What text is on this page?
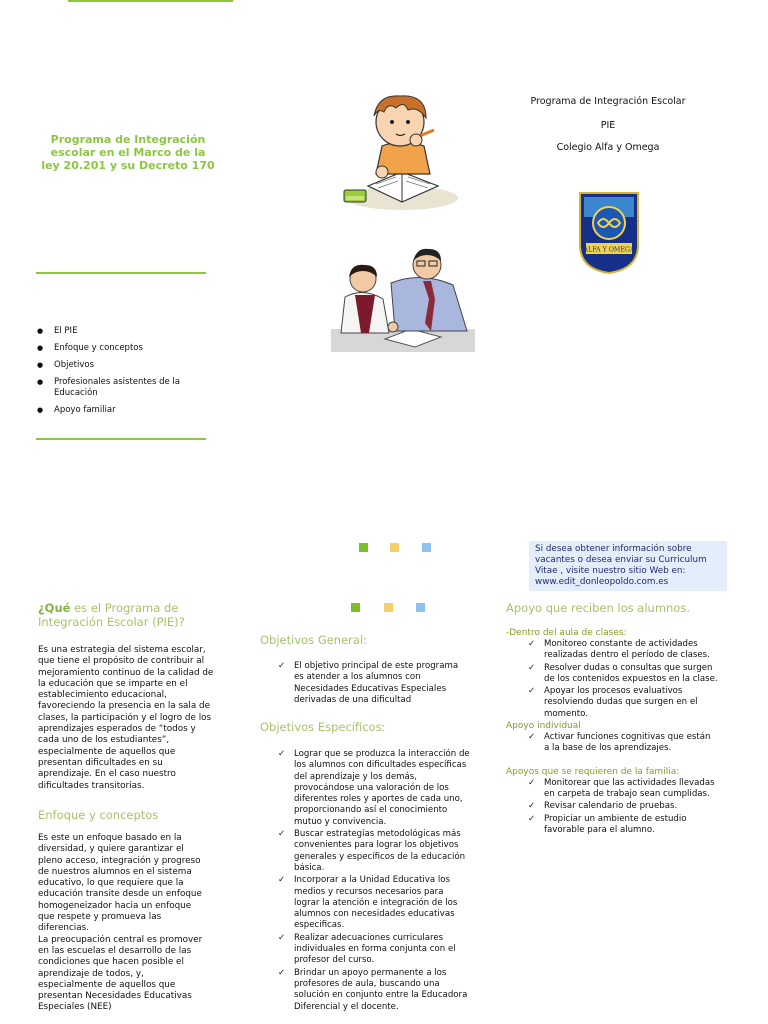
Programa de Integración escolar en el Marco de la ley 20.201 y su Decreto 170
● El PIE
● Enfoque y conceptos
● Objetivos
● Profesionales asistentes de la Educación
● Apoyo familiar
Programa de Integración Escolar
PIE
Colegio Alfa y Omega
ALFA Y OMEGA
Si desea obtener información sobre vacantes o desea enviar su Curriculum Vitae , visite nuestro sitio Web en: www.edit_donleopoldo.com.es
¿Qué es el Programa de Integración Escolar (PIE)?
Es una estrategia del sistema escolar, que tiene el propósito de contribuir al mejoramiento continuo de la calidad de la educación que se imparte en el establecimiento educacional, favoreciendo la presencia en la sala de clases, la participación y el logro de los aprendizajes esperados de “todos y cada uno de los estudiantes”, especialmente de aquellos que presentan dificultades en su aprendizaje. En el caso nuestro dificultades transitorias.
Enfoque y conceptos
Es este un enfoque basado en la diversidad, y quiere garantizar el pleno acceso, integración y progreso de nuestros alumnos en el sistema educativo, lo que requiere que la educación transite desde un enfoque homogeneizador hacia un enfoque que respete y promueva las diferencias.
La preocupación central es promover en las escuelas el desarrollo de las condiciones que hacen posible el aprendizaje de todos, y, especialmente de aquellos que presentan Necesidades Educativas Especiales (NEE)
Objetivos General:
✓ El objetivo principal de este programa es atender a los alumnos con Necesidades Educativas Especiales derivadas de una dificultad
Objetivos Específicos:
✓ Lograr que se produzca la interacción de los alumnos con dificultades específicas del aprendizaje y los demás, provocándose una valoración de los diferentes roles y aportes de cada uno, proporcionando así el conocimiento mutuo y convivencia.
✓ Buscar estrategias metodológicas más convenientes para lograr los objetivos generales y específicos de la educación básica.
✓ Incorporar a la Unidad Educativa los medios y recursos necesarios para lograr la atención e integración de los alumnos con necesidades educativas especificas.
✓ Realizar adecuaciones curriculares individuales en forma conjunta con el profesor del curso.
✓ Brindar un apoyo permanente a los profesores de aula, buscando una solución en conjunto entre la Educadora Diferencial y el docente.
Apoyo que reciben los alumnos.
-Dentro del aula de clases:
✓ Monitoreo constante de actividades realizadas dentro el período de clases.
✓ Resolver dudas o consultas que surgen de los contenidos expuestos en la clase.
✓ Apoyar los procesos evaluativos resolviendo dudas que surgen en el momento.
Apoyo individual
✓ Activar funciones cognitivas que están a la base de los aprendizajes.
Apoyos que se requieren de la familia:
✓ Monitorear que las actividades llevadas en carpeta de trabajo sean cumplidas.
✓ Revisar calendario de pruebas.
✓ Propiciar un ambiente de estudio favorable para el alumno.
